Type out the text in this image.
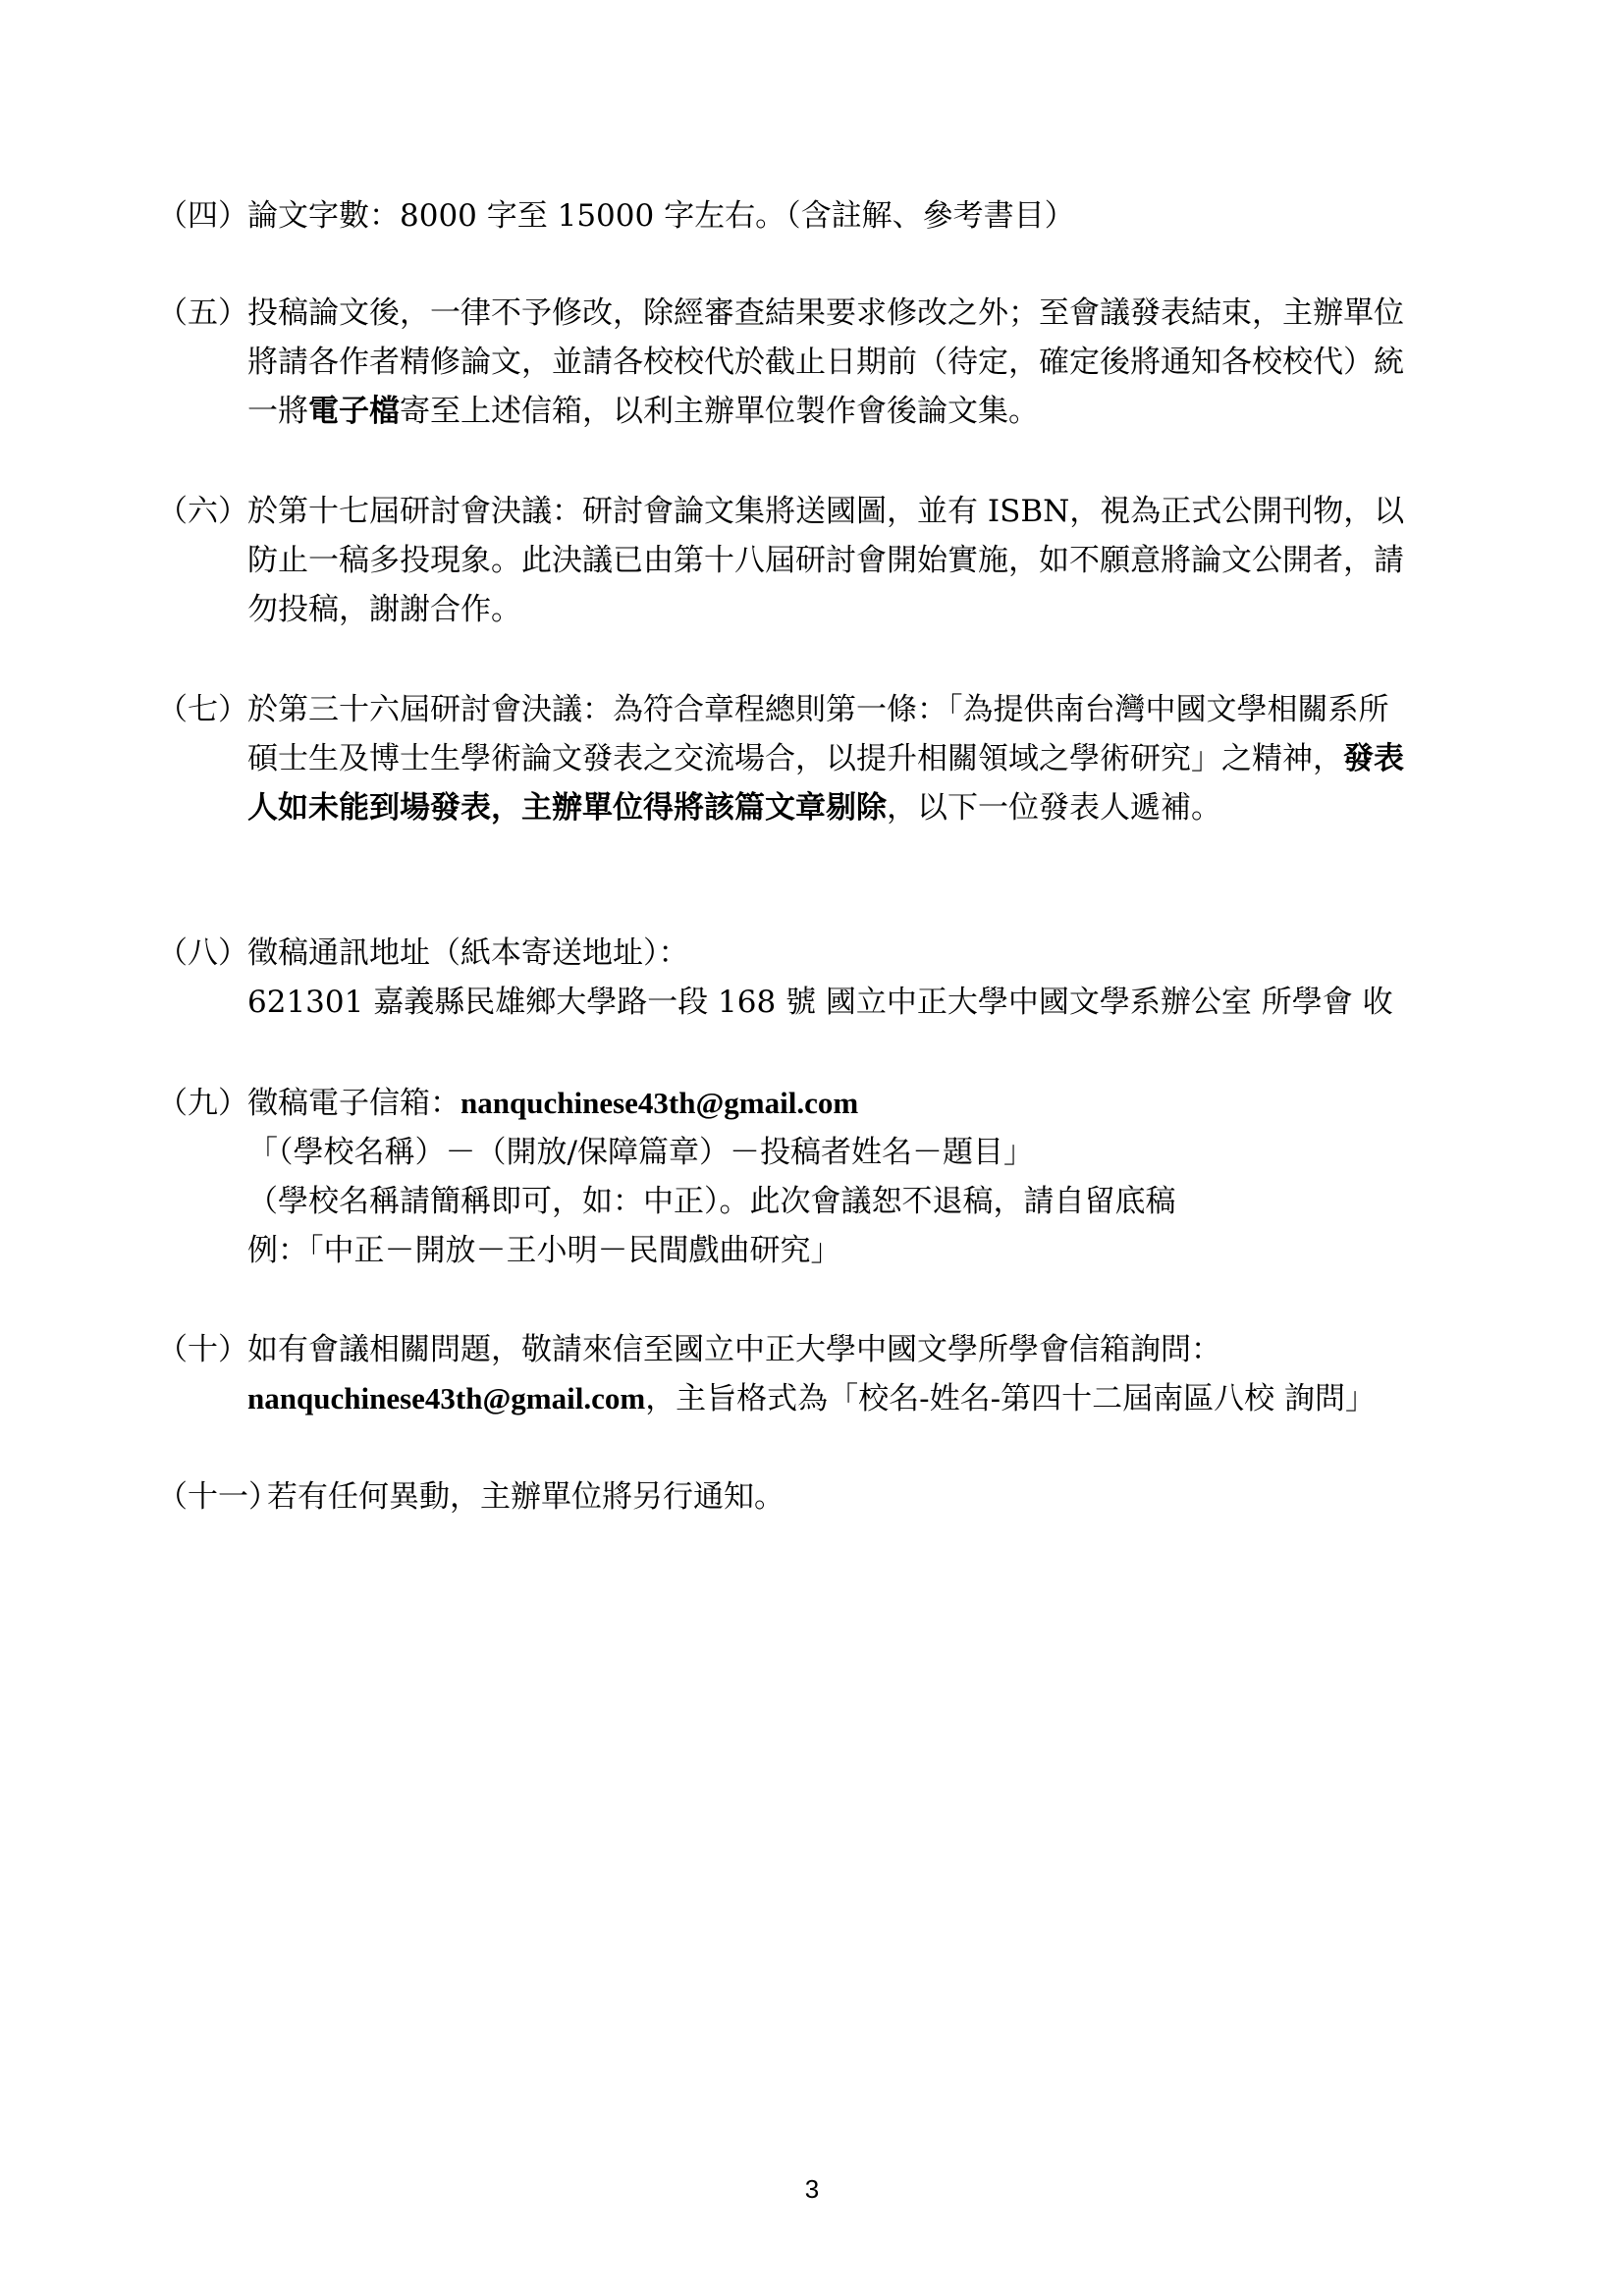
（四） 論文字數：8000 字至 15000 字左右。（含註解、參考書目）
（五） 投稿論文後，一律不予修改，除經審查結果要求修改之外；至會議發表結束，主辦單位
將請各作者精修論文，並請各校校代於截止日期前（待定，確定後將通知各校校代）統
一將電子檔寄至上述信箱，以利主辦單位製作會後論文集。
（六） 於第十七屆研討會決議：研討會論文集將送國圖，並有 ISBN，視為正式公開刊物，以
防止一稿多投現象。此決議已由第十八屆研討會開始實施，如不願意將論文公開者，請
勿投稿，謝謝合作。
（七） 於第三十六屆研討會決議：為符合章程總則第一條：「為提供南台灣中國文學相關系所
碩士生及博士生學術論文發表之交流場合，以提升相關領域之學術研究」之精神，發表
人如未能到場發表，主辦單位得將該篇文章剔除，以下一位發表人遞補。
（八） 徵稿通訊地址（紙本寄送地址）：
621301 嘉義縣民雄鄉大學路一段 168 號 國立中正大學中國文學系辦公室 所學會 收
（九） 徵稿電子信箱：nanquchinese43th@gmail.com
「（學校名稱）－（開放/保障篇章）－投稿者姓名－題目」
（學校名稱請簡稱即可，如：中正）。此次會議恕不退稿，請自留底稿
例：「中正－開放－王小明－民間戲曲研究」
（十） 如有會議相關問題，敬請來信至國立中正大學中國文學所學會信箱詢問：
nanquchinese43th@gmail.com，主旨格式為「校名-姓名-第四十二屆南區八校 詢問」
（十一）
若有任何異動，主辦單位將另行通知。
3
